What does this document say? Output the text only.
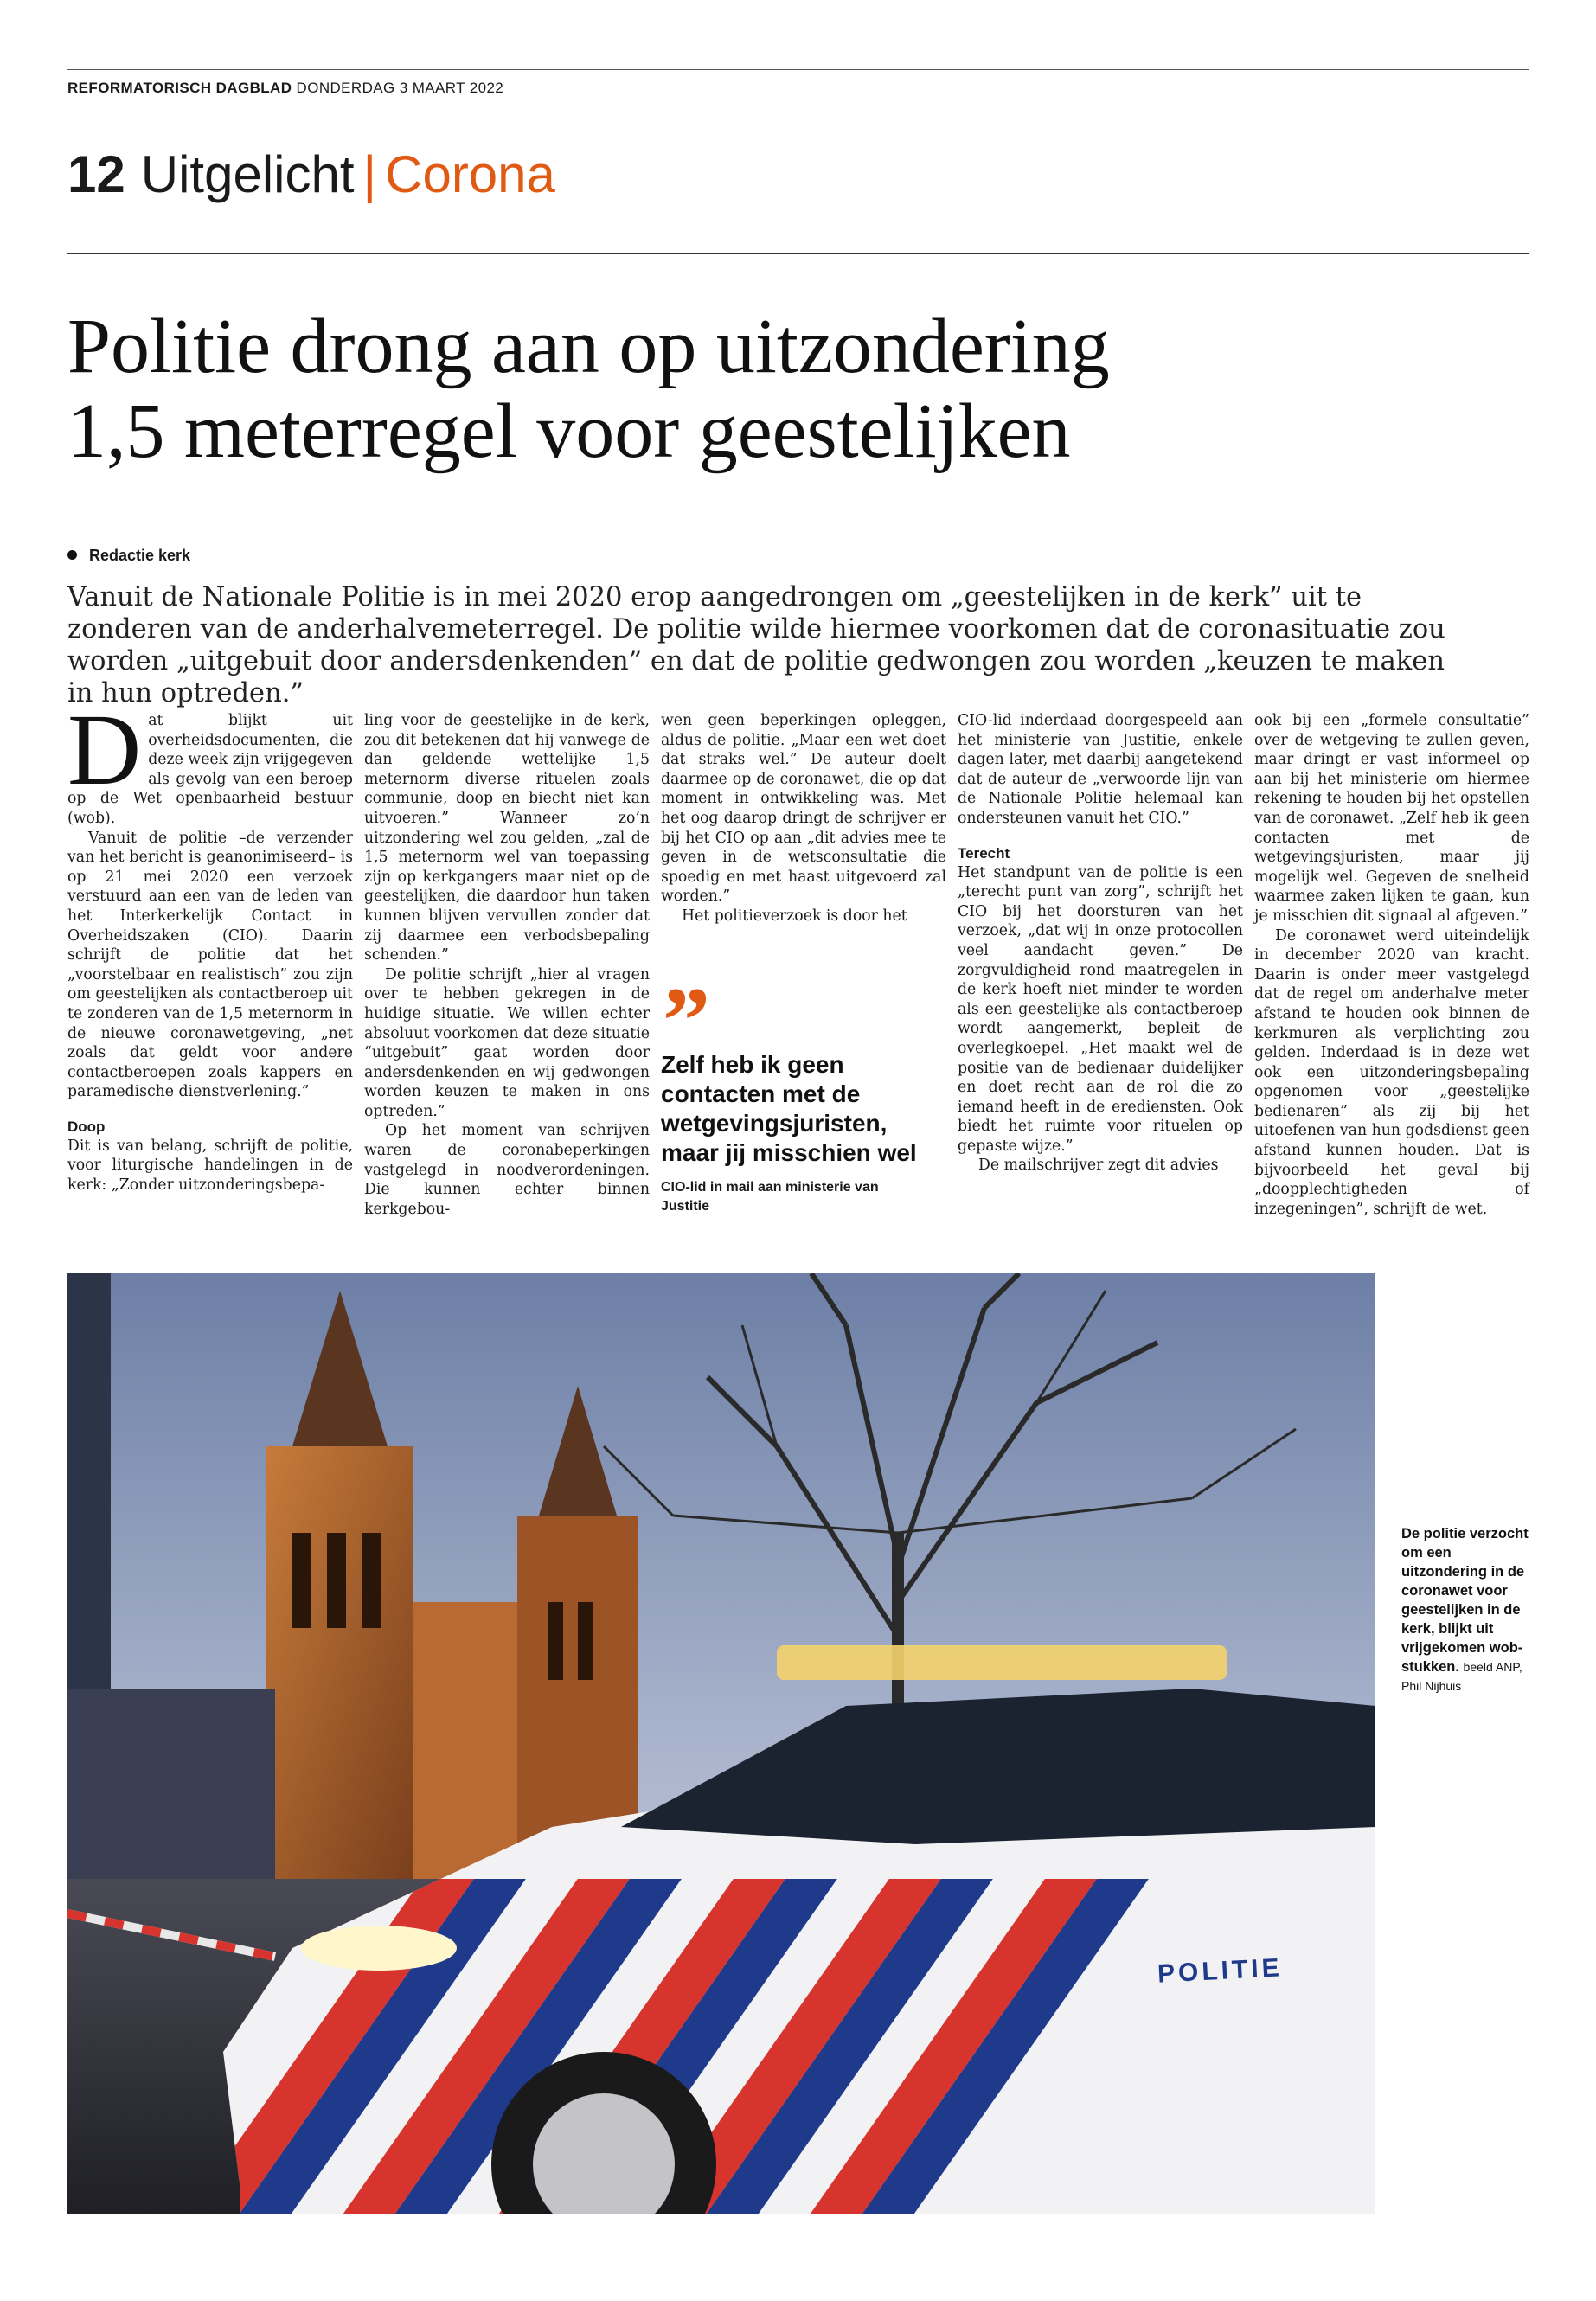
REFORMATORISCH DAGBLAD DONDERDAG 3 MAART 2022
12 Uitgelicht | Corona
Politie drong aan op uitzondering
1,5 meterregel voor geestelijken
Redactie kerk
Vanuit de Nationale Politie is in mei 2020 erop aangedrongen om „geestelijken in de kerk” uit te zonderen van de anderhalvemeterregel. De politie wilde hiermee voorkomen dat de coronasituatie zou worden „uitgebuit door andersdenkenden” en dat de politie gedwongen zou worden „keuzen te maken in hun optreden.”

Dat blijkt uit overheidsdocumenten, die deze week zijn vrijgegeven als gevolg van een beroep op de Wet openbaarheid bestuur (wob).

Vanuit de politie –de verzender van het bericht is geanonimiseerd– is op 21 mei 2020 een verzoek verstuurd aan een van de leden van het Interkerkelijk Contact in Overheidszaken (CIO). Daarin schrijft de politie dat het „voorstelbaar en realistisch” zou zijn om geestelijken als contactberoep uit te zonderen van de 1,5 meternorm in de nieuwe coronawetgeving, „net zoals dat geldt voor andere contactberoepen zoals kappers en paramedische dienstverlening.”

Doop

Dit is van belang, schrijft de politie, voor liturgische handelingen in de kerk: „Zonder uitzonderingsbepa-

ling voor de geestelijke in de kerk, zou dit betekenen dat hij vanwege de dan geldende wettelijke 1,5 meternorm diverse rituelen zoals communie, doop en biecht niet kan uitvoeren.” Wanneer zo’n uitzondering wel zou gelden, „zal de 1,5 meternorm wel van toepassing zijn op kerkgangers maar niet op de geestelijken, die daardoor hun taken kunnen blijven vervullen zonder dat zij daarmee een verbodsbepaling schenden.”

De politie schrijft „hier al vragen over te hebben gekregen in de huidige situatie. We willen echter absoluut voorkomen dat deze situatie “uitgebuit” gaat worden door andersdenkenden en wij gedwongen worden keuzen te maken in ons optreden.”

Op het moment van schrijven waren de coronabeperkingen vastgelegd in noodverordeningen. Die kunnen echter binnen kerkgebou-

wen geen beperkingen opleggen, aldus de politie. „Maar een wet doet dat straks wel.” De auteur doelt daarmee op de coronawet, die op dat moment in ontwikkeling was. Met het oog daarop dringt de schrijver er bij het CIO op aan „dit advies mee te geven in de wetsconsultatie die spoedig en met haast uitgevoerd zal worden.”

Het politieverzoek is door het

”
Zelf heb ik geen contacten met de wetgevingsjuristen, maar jij misschien wel
CIO-lid in mail aan ministerie van Justitie

CIO-lid inderdaad doorgespeeld aan het ministerie van Justitie, enkele dagen later, met daarbij aangetekend dat de auteur de „verwoorde lijn van de Nationale Politie helemaal kan ondersteunen vanuit het CIO.”

Terecht

Het standpunt van de politie is een „terecht punt van zorg”, schrijft het CIO bij het doorsturen van het verzoek, „dat wij in onze protocollen veel aandacht geven.” De zorgvuldigheid rond maatregelen in de kerk hoeft niet minder te worden als een geestelijke als contactberoep wordt aangemerkt, bepleit de overlegkoepel. „Het maakt wel de positie van de bedienaar duidelijker en doet recht aan de rol die zo iemand heeft in de erediensten. Ook biedt het ruimte voor rituelen op gepaste wijze.”

De mailschrijver zegt dit advies

ook bij een „formele consultatie” over de wetgeving te zullen geven, maar dringt er vast informeel op aan bij het ministerie om hiermee rekening te houden bij het opstellen van de coronawet. „Zelf heb ik geen contacten met de wetgevingsjuristen, maar jij mogelijk wel. Gegeven de snelheid waarmee zaken lijken te gaan, kun je misschien dit signaal al afgeven.”

De coronawet werd uiteindelijk in december 2020 van kracht. Daarin is onder meer vastgelegd dat de regel om anderhalve meter afstand te houden ook binnen de kerkmuren als verplichting zou gelden. Inderdaad is in deze wet ook een uitzonderingsbepaling opgenomen voor „geestelijke bedienaren” als zij bij het uitoefenen van hun godsdienst geen afstand kunnen houden. Dat is bijvoorbeeld het geval bij „doopplechtigheden of inzegeningen”, schrijft de wet.

POLITIE
De politie verzocht om een uitzondering in de coronawet voor geestelijken in de kerk, blijkt uit vrijgekomen wob-stukken. beeld ANP, Phil Nijhuis
